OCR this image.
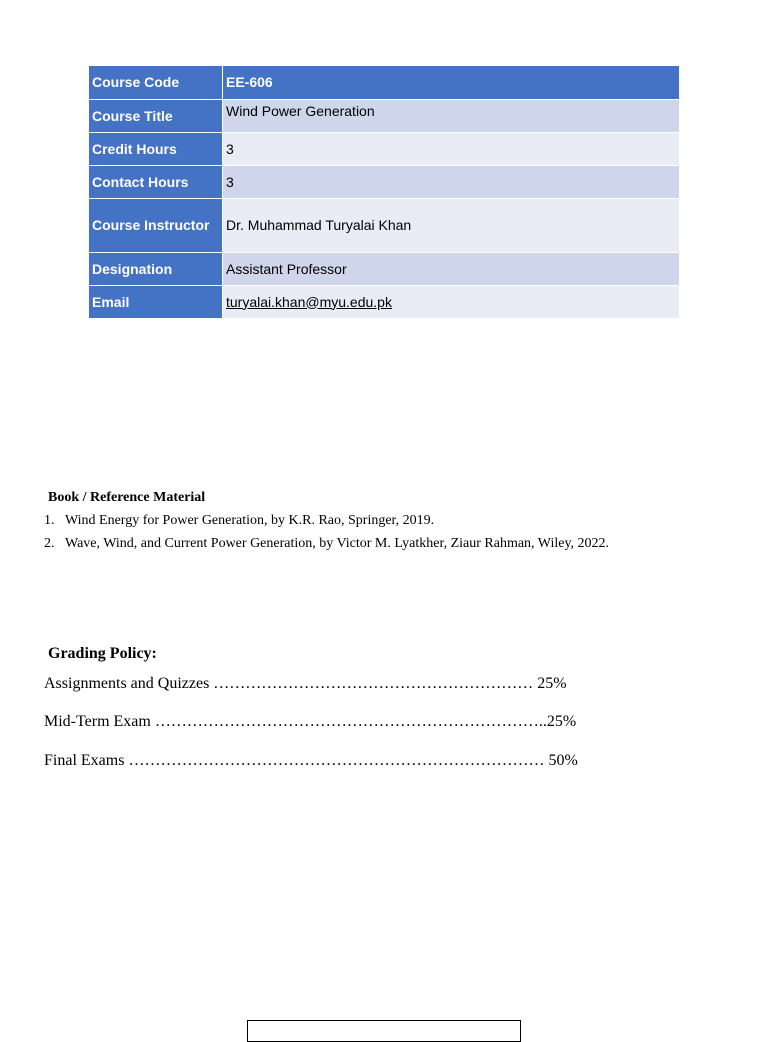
Course Code	EE-606
Course Title	Wind Power Generation
Credit Hours	3
Contact Hours	3
Course Instructor	Dr. Muhammad Turyalai Khan
Designation	Assistant Professor
Email	turyalai.khan@myu.edu.pk
Book / Reference Material
1. Wind Energy for Power Generation, by K.R. Rao, Springer, 2019.
2. Wave, Wind, and Current Power Generation, by Victor M. Lyatkher, Ziaur Rahman, Wiley, 2022.
Grading Policy:
Assignments and Quizzes …………………………………………………… 25%
Mid-Term Exam ………………………………………………………………..25%
Final Exams …………………………………………………………………… 50%
